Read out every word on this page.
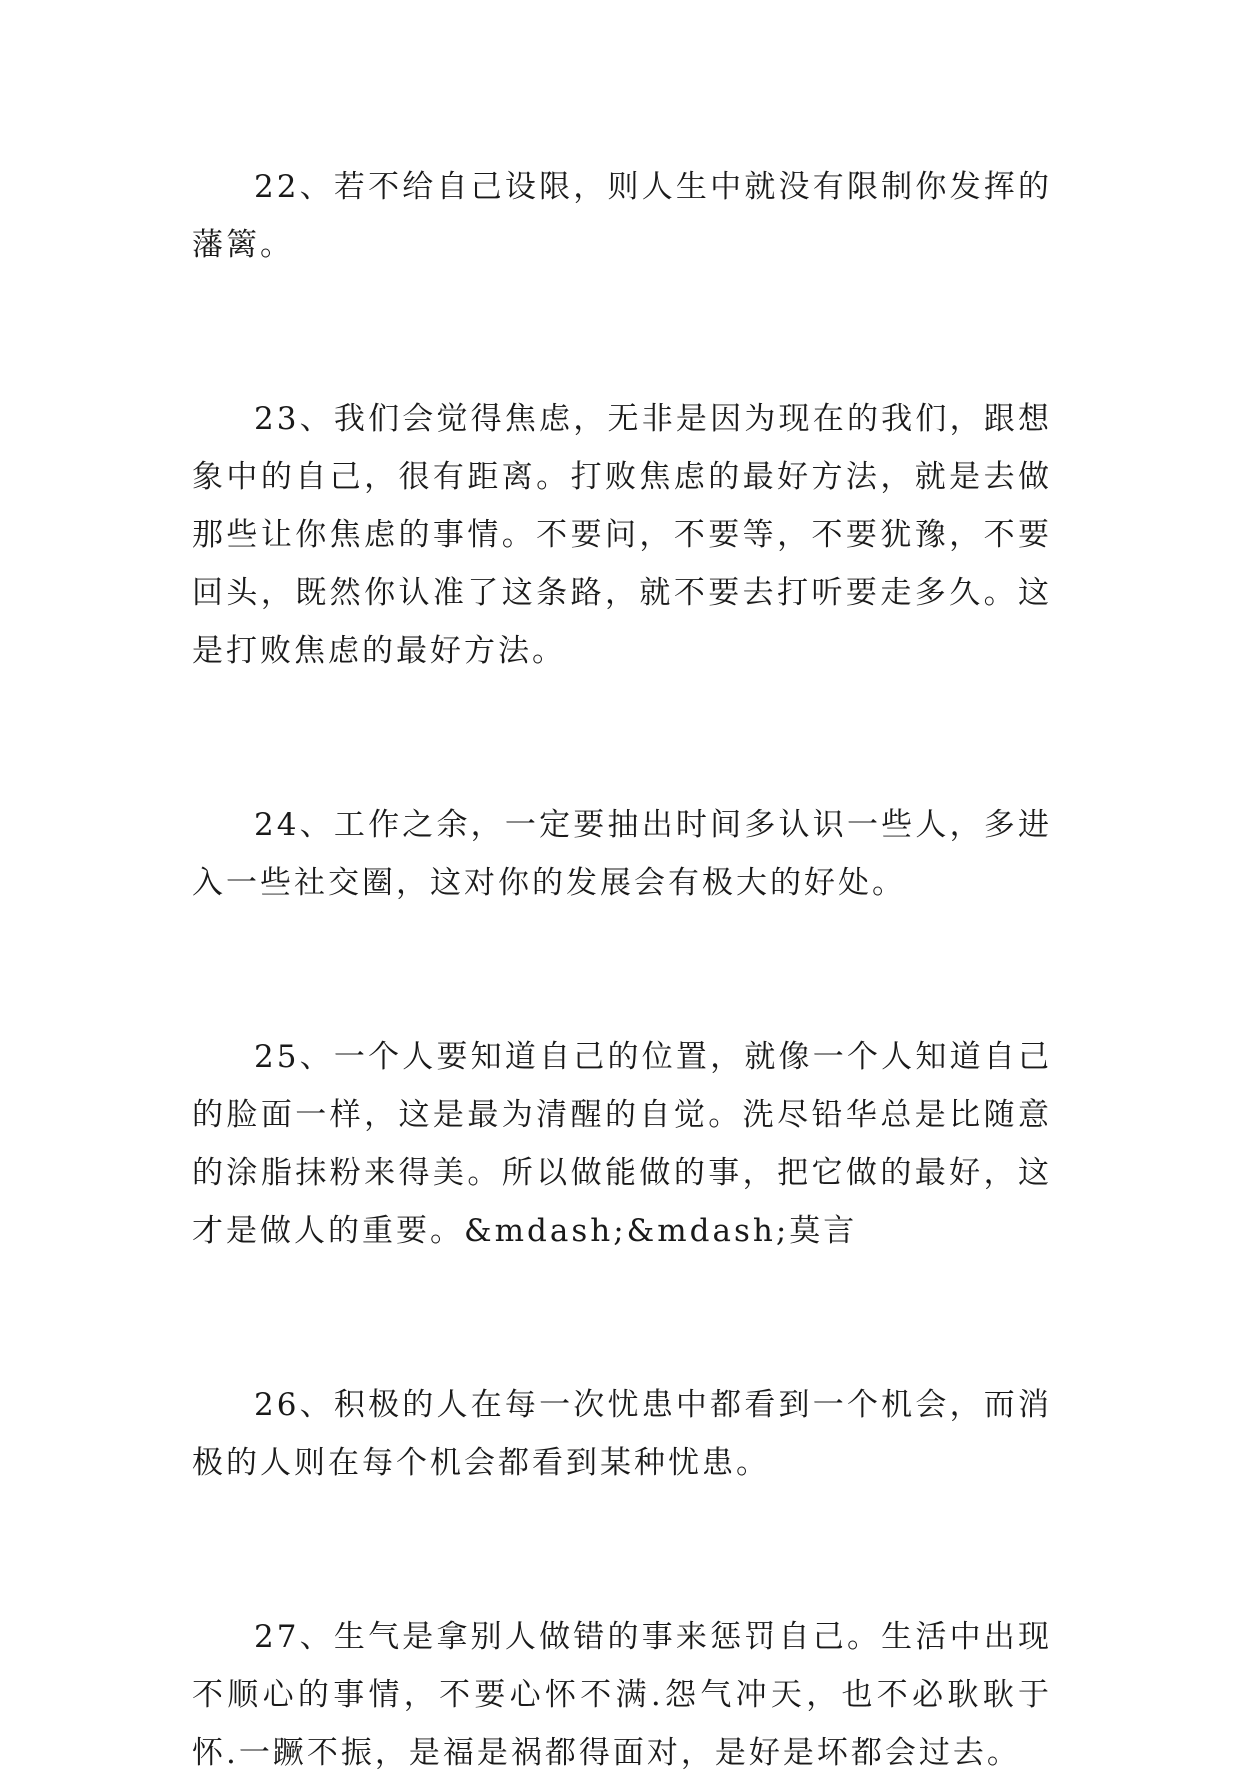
22、若不给自己设限，则人生中就没有限制你发挥的藩篱。

23、我们会觉得焦虑，无非是因为现在的我们，跟想象中的自己，很有距离。打败焦虑的最好方法，就是去做那些让你焦虑的事情。不要问，不要等，不要犹豫，不要回头，既然你认准了这条路，就不要去打听要走多久。这是打败焦虑的最好方法。

24、工作之余，一定要抽出时间多认识一些人，多进入一些社交圈，这对你的发展会有极大的好处。

25、一个人要知道自己的位置，就像一个人知道自己的脸面一样，这是最为清醒的自觉。洗尽铅华总是比随意的涂脂抹粉来得美。所以做能做的事，把它做的最好，这才是做人的重要。&mdash;&mdash;莫言

26、积极的人在每一次忧患中都看到一个机会，而消极的人则在每个机会都看到某种忧患。

27、生气是拿别人做错的事来惩罚自己。生活中出现不顺心的事情，不要心怀不满.怨气冲天，也不必耿耿于怀.一蹶不振，是福是祸都得面对，是好是坏都会过去。
